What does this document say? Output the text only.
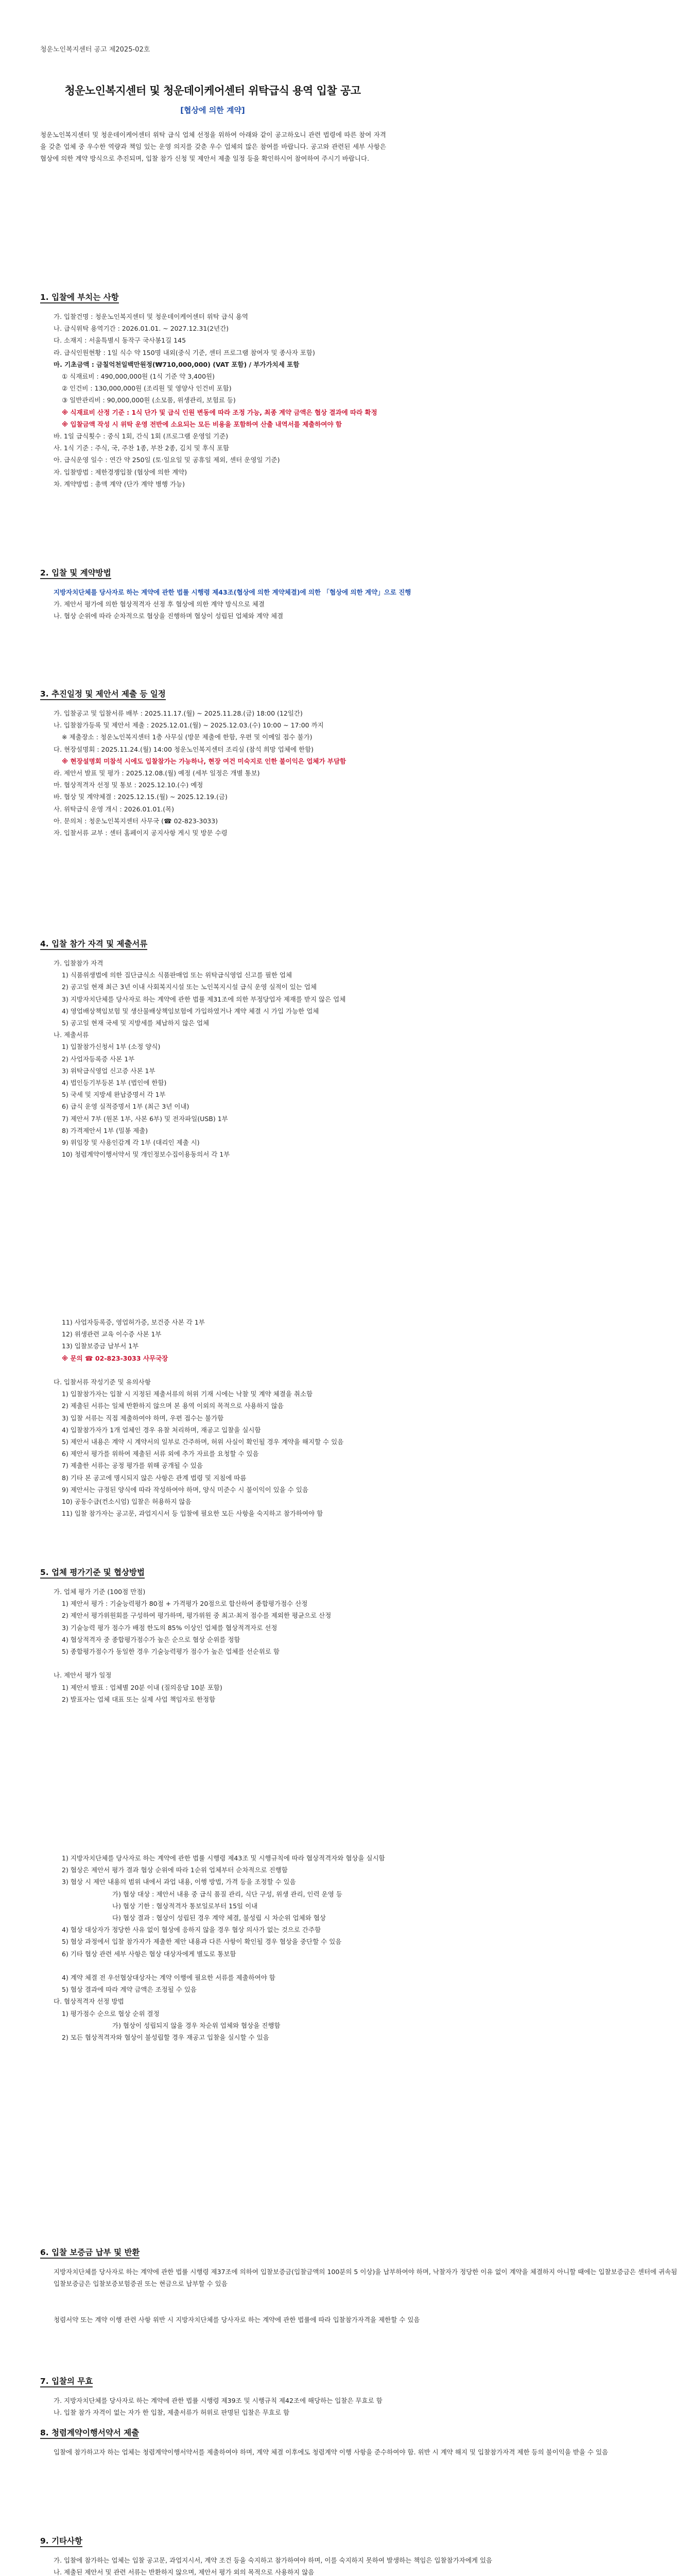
청운노인복지센터 공고 제2025-02호
청운노인복지센터 및 청운데이케어센터 위탁급식 용역 입찰 공고
[협상에 의한 계약]
청운노인복지센터 및 청운데이케어센터 위탁 급식 업체 선정을 위하여 아래와 같이 공고하오니 관련 법령에 따른 참여 자격을 갖춘 업체 중 우수한 역량과 책임 있는 운영 의지를 갖춘 우수 업체의 많은 참여를 바랍니다. 공고와 관련된 세부 사항은 협상에 의한 계약 방식으로 추진되며, 입찰 참가 신청 및 제안서 제출 일정 등을 확인하시어 참여하여 주시기 바랍니다.
1. 입찰에 부치는 사항
가. 입찰건명 : 청운노인복지센터 및 청운데이케어센터 위탁 급식 용역
나. 급식위탁 용역기간 : 2026.01.01. ~ 2027.12.31(2년간)
다. 소재지 : 서울특별시 동작구 국사봉1길 145
라. 급식인원현황 : 1일 식수 약 150명 내외(중식 기준, 센터 프로그램 참여자 및 종사자 포함)
마. 기초금액 : 금칠억천일백만원정(₩710,000,000) (VAT 포함) / 부가가치세 포함
① 식재료비 : 490,000,000원 (1식 기준 약 3,400원)
② 인건비 : 130,000,000원 (조리원 및 영양사 인건비 포함)
③ 일반관리비 : 90,000,000원 (소모품, 위생관리, 보험료 등)
※ 식재료비 산정 기준 : 1식 단가 및 급식 인원 변동에 따라 조정 가능, 최종 계약 금액은 협상 결과에 따라 확정
※ 입찰금액 작성 시 위탁 운영 전반에 소요되는 모든 비용을 포함하여 산출 내역서를 제출하여야 함
바. 1일 급식횟수 : 중식 1회, 간식 1회 (프로그램 운영일 기준)
사. 1식 기준 : 주식, 국, 주찬 1종, 부찬 2종, 김치 및 후식 포함
아. 급식운영 일수 : 연간 약 250일 (토·일요일 및 공휴일 제외, 센터 운영일 기준)
자. 입찰방법 : 제한경쟁입찰 (협상에 의한 계약)
차. 계약방법 : 총액 계약 (단가 계약 병행 가능)
2. 입찰 및 계약방법
지방자치단체를 당사자로 하는 계약에 관한 법률 시행령 제43조(협상에 의한 계약체결)에 의한 「협상에 의한 계약」으로 진행
가. 제안서 평가에 의한 협상적격자 선정 후 협상에 의한 계약 방식으로 체결
나. 협상 순위에 따라 순차적으로 협상을 진행하며 협상이 성립된 업체와 계약 체결
3. 추진일정 및 제안서 제출 등 일정
가. 입찰공고 및 입찰서류 배부 : 2025.11.17.(월) ~ 2025.11.28.(금) 18:00 (12일간)
나. 입찰참가등록 및 제안서 제출 : 2025.12.01.(월) ~ 2025.12.03.(수) 10:00 ~ 17:00 까지
※ 제출장소 : 청운노인복지센터 1층 사무실 (방문 제출에 한함, 우편 및 이메일 접수 불가)
다. 현장설명회 : 2025.11.24.(월) 14:00 청운노인복지센터 조리실 (참석 희망 업체에 한함)
※ 현장설명회 미참석 시에도 입찰참가는 가능하나, 현장 여건 미숙지로 인한 불이익은 업체가 부담함
라. 제안서 발표 및 평가 : 2025.12.08.(월) 예정 (세부 일정은 개별 통보)
마. 협상적격자 선정 및 통보 : 2025.12.10.(수) 예정
바. 협상 및 계약체결 : 2025.12.15.(월) ~ 2025.12.19.(금)
사. 위탁급식 운영 개시 : 2026.01.01.(목)
아. 문의처 : 청운노인복지센터 사무국 (☎ 02-823-3033)
자. 입찰서류 교부 : 센터 홈페이지 공지사항 게시 및 방문 수령
4. 입찰 참가 자격 및 제출서류
가. 입찰참가 자격
1) 식품위생법에 의한 집단급식소 식품판매업 또는 위탁급식영업 신고를 필한 업체
2) 공고일 현재 최근 3년 이내 사회복지시설 또는 노인복지시설 급식 운영 실적이 있는 업체
3) 지방자치단체를 당사자로 하는 계약에 관한 법률 제31조에 의한 부정당업자 제재를 받지 않은 업체
4) 영업배상책임보험 및 생산물배상책임보험에 가입하였거나 계약 체결 시 가입 가능한 업체
5) 공고일 현재 국세 및 지방세를 체납하지 않은 업체
나. 제출서류
1) 입찰참가신청서 1부 (소정 양식)
2) 사업자등록증 사본 1부
3) 위탁급식영업 신고증 사본 1부
4) 법인등기부등본 1부 (법인에 한함)
5) 국세 및 지방세 완납증명서 각 1부
6) 급식 운영 실적증명서 1부 (최근 3년 이내)
7) 제안서 7부 (원본 1부, 사본 6부) 및 전자파일(USB) 1부
8) 가격제안서 1부 (밀봉 제출)
9) 위임장 및 사용인감계 각 1부 (대리인 제출 시)
10) 청렴계약이행서약서 및 개인정보수집이용동의서 각 1부
11) 사업자등록증, 영업허가증, 보건증 사본 각 1부
12) 위생관련 교육 이수증 사본 1부
13) 입찰보증금 납부서 1부
※ 문의 ☎ 02-823-3033 사무국장

다. 입찰서류 작성기준 및 유의사항
1) 입찰참가자는 입찰 시 지정된 제출서류의 허위 기재 시에는 낙찰 및 계약 체결을 취소함
2) 제출된 서류는 일체 반환하지 않으며 본 용역 이외의 목적으로 사용하지 않음
3) 입찰 서류는 직접 제출하여야 하며, 우편 접수는 불가함
4) 입찰참가자가 1개 업체인 경우 유찰 처리하며, 재공고 입찰을 실시함
5) 제안서 내용은 계약 시 계약서의 일부로 간주하며, 허위 사실이 확인될 경우 계약을 해지할 수 있음
6) 제안서 평가를 위하여 제출된 서류 외에 추가 자료를 요청할 수 있음
7) 제출한 서류는 공정 평가를 위해 공개될 수 있음
8) 기타 본 공고에 명시되지 않은 사항은 관계 법령 및 지침에 따름
9) 제안서는 규정된 양식에 따라 작성하여야 하며, 양식 미준수 시 불이익이 있을 수 있음
10) 공동수급(컨소시엄) 입찰은 허용하지 않음
11) 입찰 참가자는 공고문, 과업지시서 등 입찰에 필요한 모든 사항을 숙지하고 참가하여야 함
5. 업체 평가기준 및 협상방법
가. 업체 평가 기준 (100점 만점)
1) 제안서 평가 : 기술능력평가 80점 + 가격평가 20점으로 합산하여 종합평가점수 산정
2) 제안서 평가위원회를 구성하여 평가하며, 평가위원 중 최고·최저 점수를 제외한 평균으로 산정
3) 기술능력 평가 점수가 배점 한도의 85% 이상인 업체를 협상적격자로 선정
4) 협상적격자 중 종합평가점수가 높은 순으로 협상 순위를 정함
5) 종합평가점수가 동일한 경우 기술능력평가 점수가 높은 업체를 선순위로 함

나. 제안서 평가 일정
1) 제안서 발표 : 업체별 20분 이내 (질의응답 10분 포함)
2) 발표자는 업체 대표 또는 실제 사업 책임자로 한정함
1) 지방자치단체를 당사자로 하는 계약에 관한 법률 시행령 제43조 및 시행규칙에 따라 협상적격자와 협상을 실시함
2) 협상은 제안서 평가 결과 협상 순위에 따라 1순위 업체부터 순차적으로 진행함
3) 협상 시 제안 내용의 범위 내에서 과업 내용, 이행 방법, 가격 등을 조정할 수 있음
가) 협상 대상 : 제안서 내용 중 급식 품질 관리, 식단 구성, 위생 관리, 인력 운영 등
나) 협상 기한 : 협상적격자 통보일로부터 15일 이내
다) 협상 결과 : 협상이 성립된 경우 계약 체결, 불성립 시 차순위 업체와 협상
4) 협상 대상자가 정당한 사유 없이 협상에 응하지 않을 경우 협상 의사가 없는 것으로 간주함
5) 협상 과정에서 입찰 참가자가 제출한 제안 내용과 다른 사항이 확인될 경우 협상을 중단할 수 있음
6) 기타 협상 관련 세부 사항은 협상 대상자에게 별도로 통보함

4) 계약 체결 전 우선협상대상자는 계약 이행에 필요한 서류를 제출하여야 함
5) 협상 결과에 따라 계약 금액은 조정될 수 있음
다. 협상적격자 선정 방법
1) 평가점수 순으로 협상 순위 결정
가) 협상이 성립되지 않을 경우 차순위 업체와 협상을 진행함
2) 모든 협상적격자와 협상이 불성립할 경우 재공고 입찰을 실시할 수 있음
6. 입찰 보증금 납부 및 반환
지방자치단체를 당사자로 하는 계약에 관한 법률 시행령 제37조에 의하여 입찰보증금(입찰금액의 100분의 5 이상)을 납부하여야 하며, 낙찰자가 정당한 이유 없이 계약을 체결하지 아니할 때에는 입찰보증금은 센터에 귀속됨
입찰보증금은 입찰보증보험증권 또는 현금으로 납부할 수 있음

청렴서약 또는 계약 이행 관련 사항 위반 시 지방자치단체를 당사자로 하는 계약에 관한 법률에 따라 입찰참가자격을 제한할 수 있음
7. 입찰의 무효
가. 지방자치단체를 당사자로 하는 계약에 관한 법률 시행령 제39조 및 시행규칙 제42조에 해당하는 입찰은 무효로 함
나. 입찰 참가 자격이 없는 자가 한 입찰, 제출서류가 허위로 판명된 입찰은 무효로 함
8. 청렴계약이행서약서 제출
입찰에 참가하고자 하는 업체는 청렴계약이행서약서를 제출하여야 하며, 계약 체결 이후에도 청렴계약 이행 사항을 준수하여야 함. 위반 시 계약 해지 및 입찰참가자격 제한 등의 불이익을 받을 수 있음
9. 기타사항
가. 입찰에 참가하는 업체는 입찰 공고문, 과업지시서, 계약 조건 등을 숙지하고 참가하여야 하며, 이를 숙지하지 못하여 발생하는 책임은 입찰참가자에게 있음
나. 제출된 제안서 및 관련 서류는 반환하지 않으며, 제안서 평가 외의 목적으로 사용하지 않음
